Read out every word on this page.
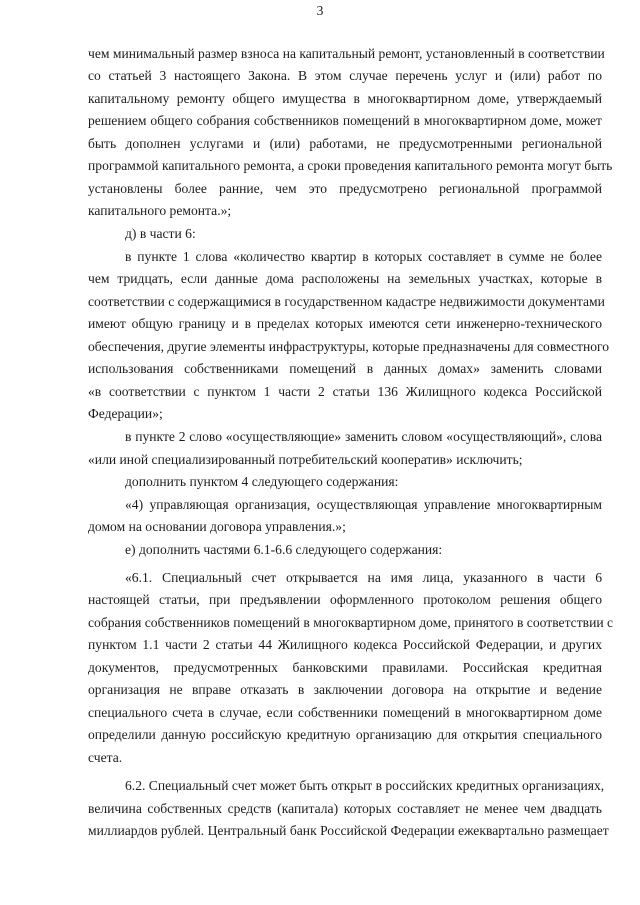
3
чем минимальный размер взноса на капитальный ремонт, установленный в соответствии
со статьей 3 настоящего Закона. В этом случае перечень услуг и (или) работ по
капитальному ремонту общего имущества в многоквартирном доме, утверждаемый
решением общего собрания собственников помещений в многоквартирном доме, может
быть дополнен услугами и (или) работами, не предусмотренными региональной
программой капитального ремонта, а сроки проведения капитального ремонта могут быть
установлены более ранние, чем это предусмотрено региональной программой
капитального ремонта.»;
д) в части 6:
в пункте 1 слова «количество квартир в которых составляет в сумме не более
чем тридцать, если данные дома расположены на земельных участках, которые в
соответствии с содержащимися в государственном кадастре недвижимости документами
имеют общую границу и в пределах которых имеются сети инженерно-технического
обеспечения, другие элементы инфраструктуры, которые предназначены для совместного
использования собственниками помещений в данных домах» заменить словами
«в соответствии с пунктом 1 части 2 статьи 136 Жилищного кодекса Российской
Федерации»;
в пункте 2 слово «осуществляющие» заменить словом «осуществляющий», слова
«или иной специализированный потребительский кооператив» исключить;
дополнить пунктом 4 следующего содержания:
«4) управляющая организация, осуществляющая управление многоквартирным
домом на основании договора управления.»;
е) дополнить частями 6.1-6.6 следующего содержания:
«6.1. Специальный счет открывается на имя лица, указанного в части 6
настоящей статьи, при предъявлении оформленного протоколом решения общего
собрания собственников помещений в многоквартирном доме, принятого в соответствии с
пунктом 1.1 части 2 статьи 44 Жилищного кодекса Российской Федерации, и других
документов, предусмотренных банковскими правилами. Российская кредитная
организация не вправе отказать в заключении договора на открытие и ведение
специального счета в случае, если собственники помещений в многоквартирном доме
определили данную российскую кредитную организацию для открытия специального
счета.
6.2. Специальный счет может быть открыт в российских кредитных организациях,
величина собственных средств (капитала) которых составляет не менее чем двадцать
миллиардов рублей. Центральный банк Российской Федерации ежеквартально размещает
